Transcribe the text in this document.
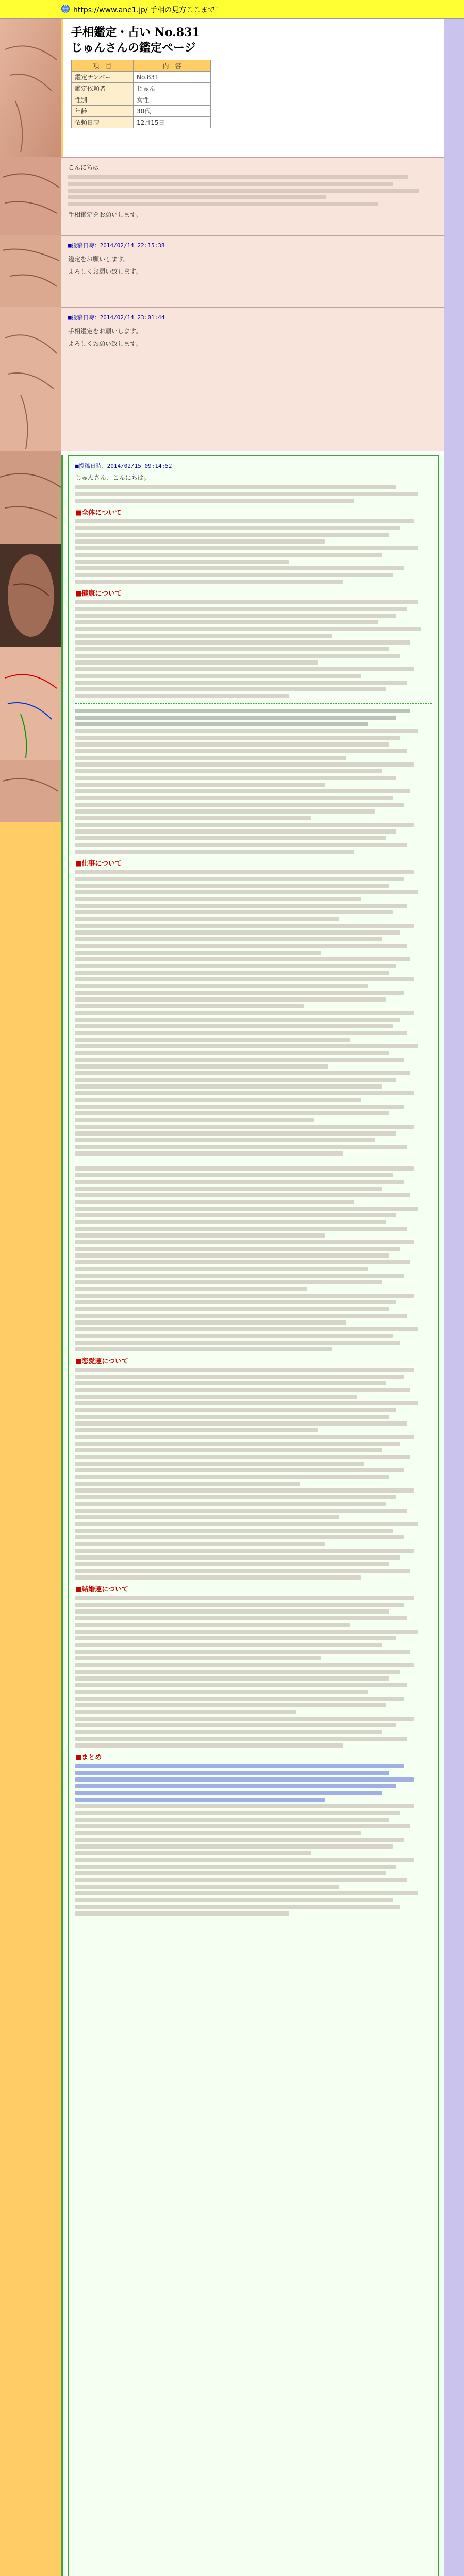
https://www.ane1.jp/ 手相の見方ここまで！
手相鑑定・占い No.831
じゅんさんの鑑定ページ
項　目	内　容
鑑定ナンバー	No.831
鑑定依頼者	じゅん
性別	女性
年齢	30代
依頼日時	12月15日
こんにちは
手相鑑定をお願いします。
■投稿日時：2014/02/14 22:15:38
鑑定をお願いします。
よろしくお願い致します。
■投稿日時：2014/02/14 23:01:44
手相鑑定をお願いします。
よろしくお願い致します。
■投稿日時：2014/02/15 09:14:52
じゅんさん、こんにちは。
■全体について
■健康について
■仕事について
■恋愛運について
■結婚運について
■まとめ
